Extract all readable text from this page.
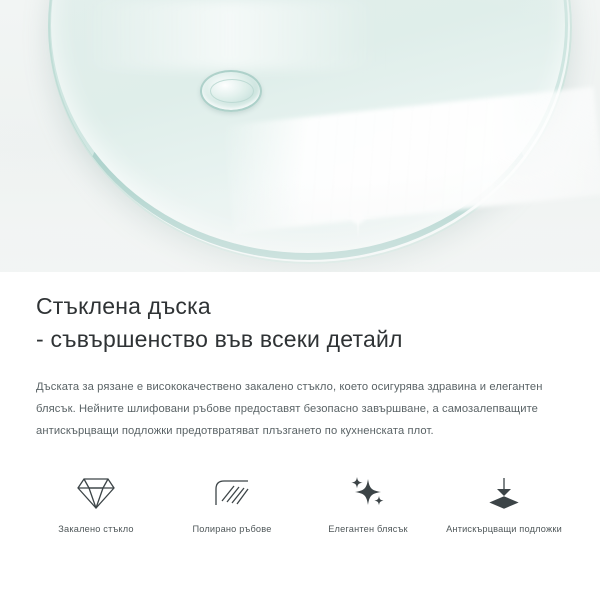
Стъклена дъска
- съвършенство във всеки детайл

Дъската за рязане е висококачествено закалено стъкло, което осигурява здравина и елегантен блясък. Нейните шлифовани ръбове предоставят безопасно завършване, а самозалепващите антискърцващи подложки предотвратяват плъзгането по кухненската плот.

Закалено стъкло	Полирано ръбове	Елегантен блясък	Антискърцващи подложки
